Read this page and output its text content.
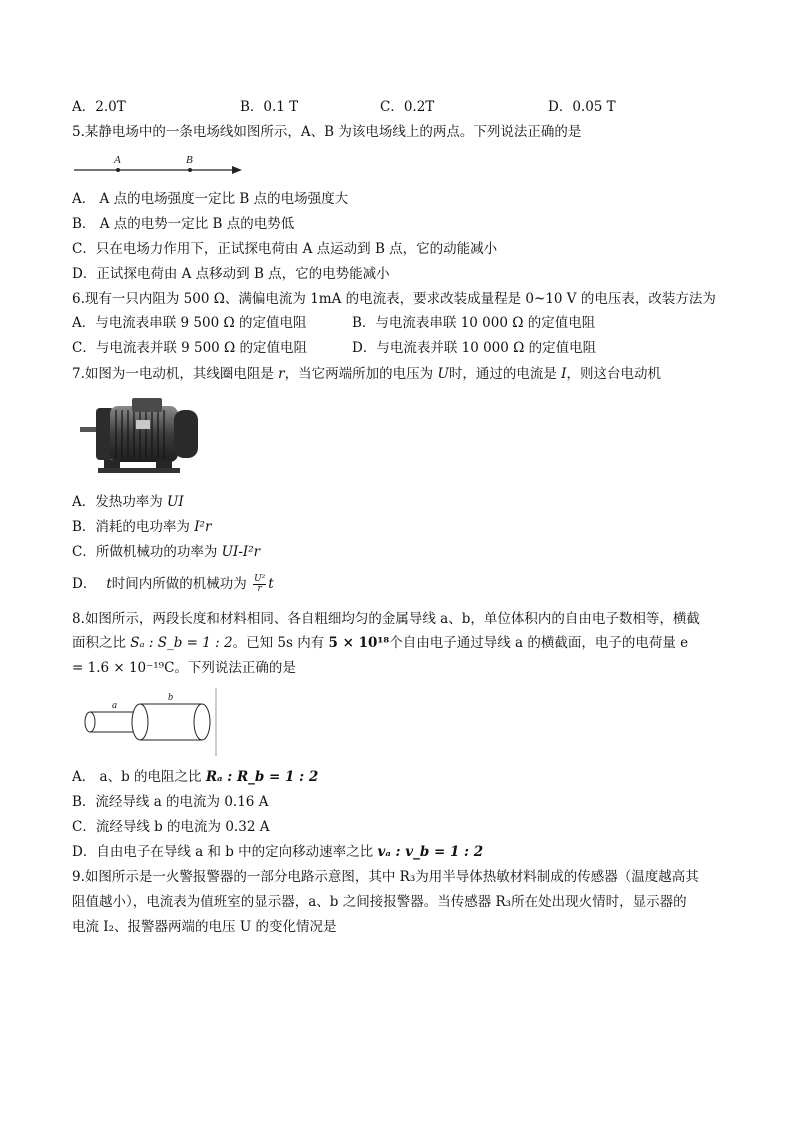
A．2.0T	B．0.1 T	C．0.2T	D．0.05 T
5.某静电场中的一条电场线如图所示，A、B 为该电场线上的两点。下列说法正确的是
A	B
A． A 点的电场强度一定比 B 点的电场强度大
B． A 点的电势一定比 B 点的电势低
C．只在电场力作用下，正试探电荷由 A 点运动到 B 点，它的动能减小
D．正试探电荷由 A 点移动到 B 点，它的电势能减小
6.现有一只内阻为 500 Ω、满偏电流为 1mA 的电流表，要求改装成量程是 0~10 V 的电压表，改装方法为
A．与电流表串联 9 500 Ω 的定值电阻	B．与电流表串联 10 000 Ω 的定值电阻
C．与电流表并联 9 500 Ω 的定值电阻	D．与电流表并联 10 000 Ω 的定值电阻
7.如图为一电动机，其线圈电阻是 r，当它两端所加的电压为 U时，通过的电流是 I，则这台电动机
A．发热功率为 UI
B．消耗的电功率为 I²r
C．所做机械功的功率为 UI-I²r
D． t时间内所做的机械功为 $\frac{\text{U²}}{r}$ t
8.如图所示，两段长度和材料相同、各自粗细均匀的金属导线 a、b，单位体积内的自由电子数相等，横截
面积之比 Sₐ : S_b = 1 : 2。已知 5s 内有 5 × 10¹⁸个自由电子通过导线 a 的横截面，电子的电荷量 e
= 1.6 × 10⁻¹⁹C。下列说法正确的是
a
b
A． a、b 的电阻之比 Rₐ : R_b = 1 : 2
B．流经导线 a 的电流为 0.16 A
C．流经导线 b 的电流为 0.32 A
D．自由电子在导线 a 和 b 中的定向移动速率之比 vₐ : v_b = 1 : 2
9.如图所示是一火警报警器的一部分电路示意图，其中 R₃为用半导体热敏材料制成的传感器（温度越高其
阻值越小），电流表为值班室的显示器，a、b 之间接报警器。当传感器 R₃所在处出现火情时，显示器的
电流 I₂、报警器两端的电压 U 的变化情况是
